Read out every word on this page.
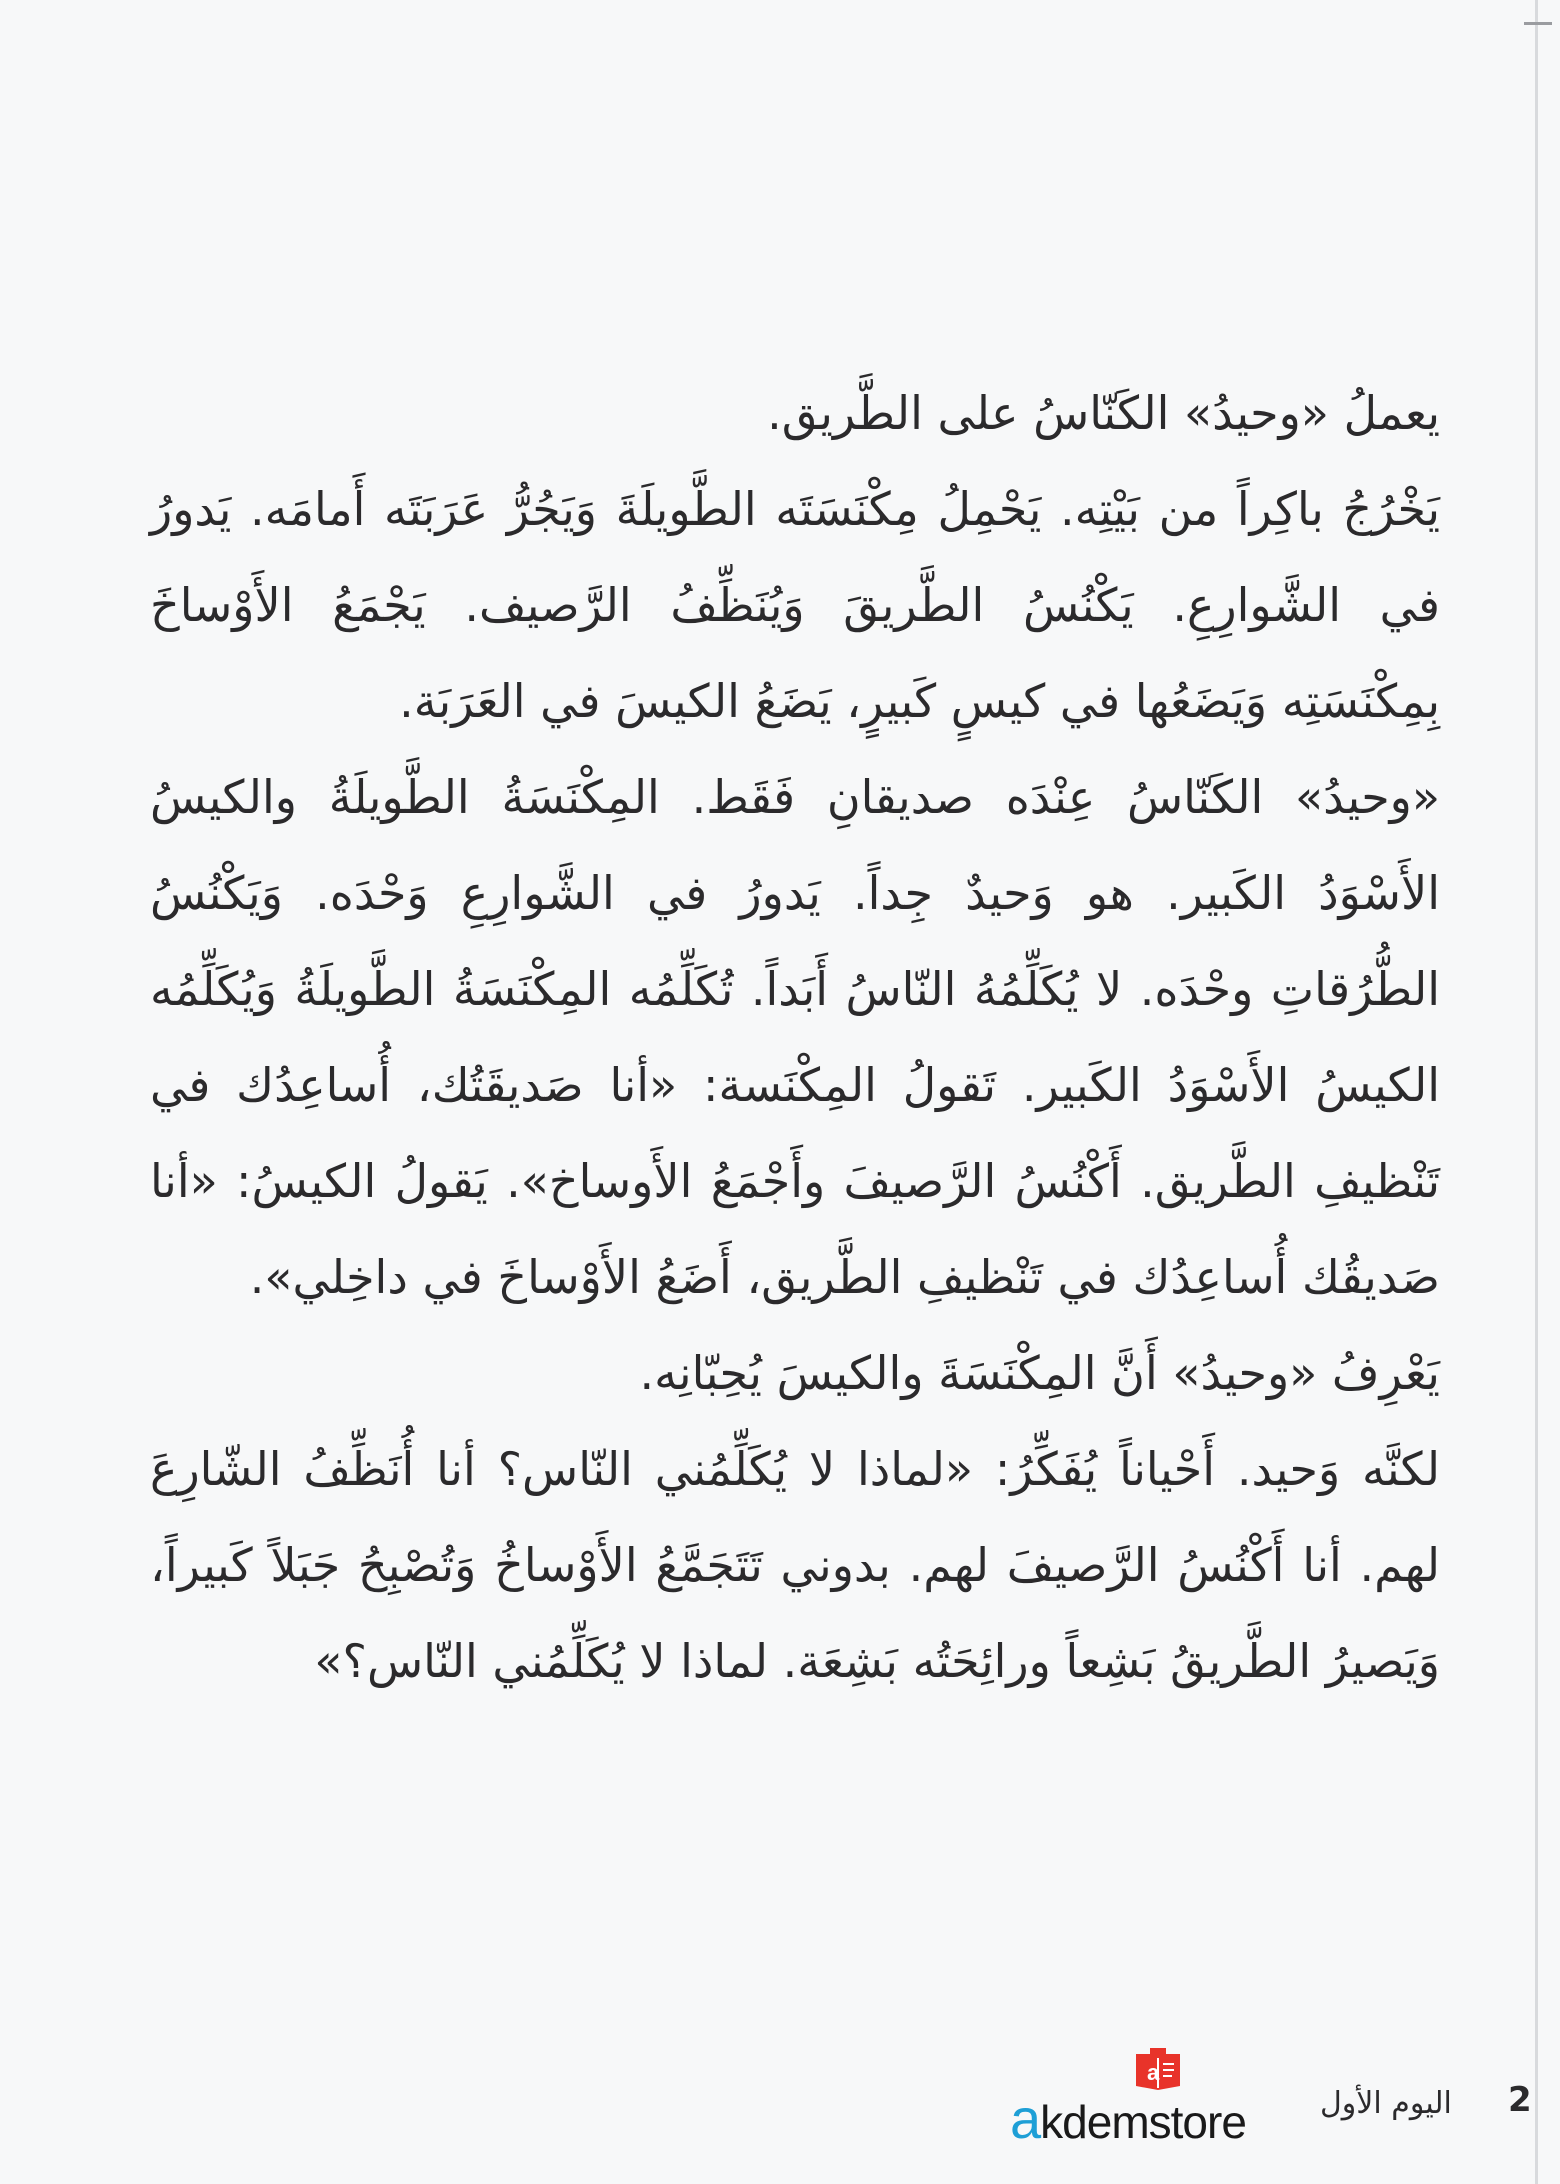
يعملُ «وحيدُ» الكَنّاسُ على الطَّريق.

يَخْرُجُ باكِراً من بَيْتِه. يَحْمِلُ مِكْنَسَتَه الطَّويلَةَ وَيَجُرُّ عَرَبَتَه أَمامَه. يَدورُ في الشَّوارِعِ. يَكْنُسُ الطَّريقَ وَيُنَظِّفُ الرَّصيف. يَجْمَعُ الأَوْساخَ بِمِكْنَسَتِه وَيَضَعُها في كيسٍ كَبيرٍ، يَضَعُ الكيسَ في العَرَبَة.

«وحيدُ» الكَنّاسُ عِنْدَه صديقانِ فَقَط. المِكْنَسَةُ الطَّويلَةُ والكيسُ الأَسْوَدُ الكَبير. هو وَحيدٌ جِداً. يَدورُ في الشَّوارِعِ وَحْدَه. وَيَكْنُسُ الطُّرُقاتِ وحْدَه. لا يُكَلِّمُهُ النّاسُ أَبَداً. تُكَلِّمُه المِكْنَسَةُ الطَّويلَةُ وَيُكَلِّمُه الكيسُ الأَسْوَدُ الكَبير. تَقولُ المِكْنَسة: «أنا صَديقَتُك، أُساعِدُك في تَنْظيفِ الطَّريق. أَكْنُسُ الرَّصيفَ وأَجْمَعُ الأَوساخ». يَقولُ الكيسُ: «أنا صَديقُك أُساعِدُك في تَنْظيفِ الطَّريق، أَضَعُ الأَوْساخَ في داخِلي».

يَعْرِفُ «وحيدُ» أَنَّ المِكْنَسَةَ والكيسَ يُحِبّانِه.

لكنَّه وَحيد. أَحْياناً يُفَكِّرُ: «لماذا لا يُكَلِّمُني النّاس؟ أنا أُنَظِّفُ الشّارِعَ لهم. أنا أَكْنُسُ الرَّصيفَ لهم. بدوني تَتَجَمَّعُ الأَوْساخُ وَتُصْبِحُ جَبَلاً كَبيراً، وَيَصيرُ الطَّريقُ بَشِعاً ورائِحَتُه بَشِعَة. لماذا لا يُكَلِّمُني النّاس؟»

a
akdemstore اليوم الأول 2
